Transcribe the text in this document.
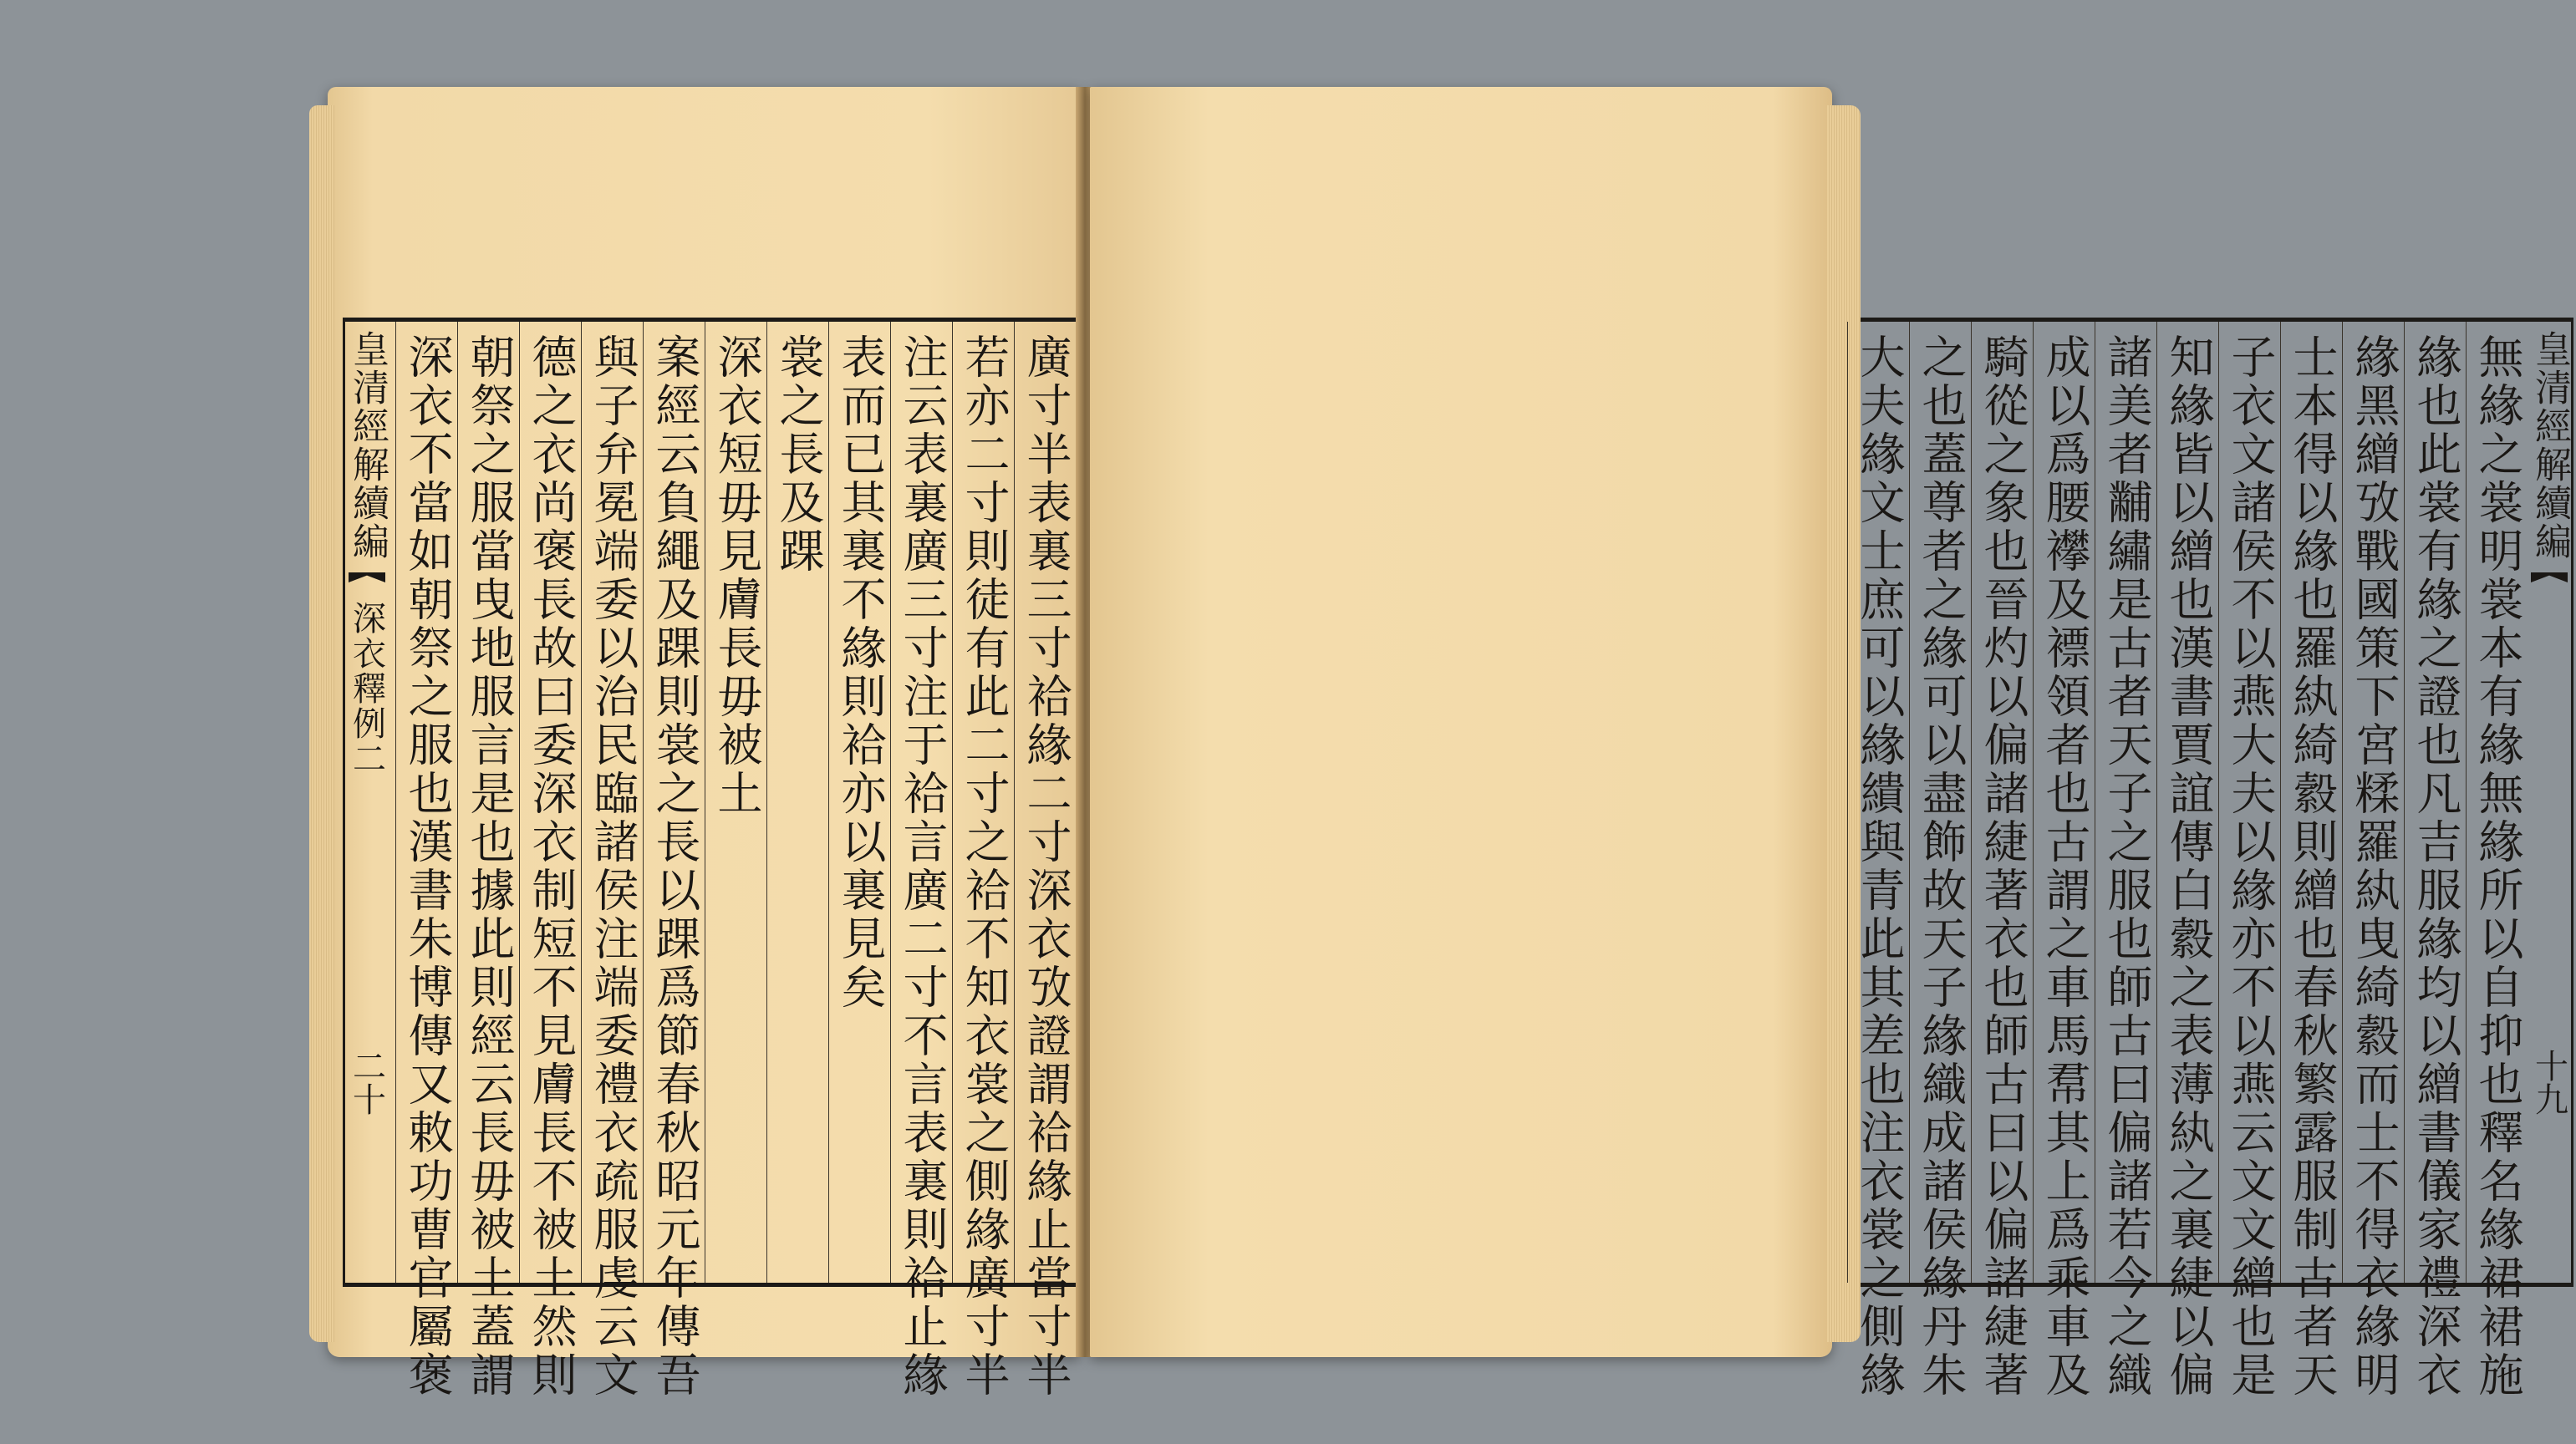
皇清經解續編
深衣釋例二
二十	廣寸半表裏三寸袷緣二寸深衣攷證謂袷緣止當寸半
若亦二寸則徒有此二寸之袷不知衣裳之側緣廣寸半
注云表裏廣三寸注于袷言廣二寸不言表裏則袷止緣
表而已其裏不緣則袷亦以裏見矣
裳之長及踝
深衣短毋見膚長毋被土
案經云負繩及踝則裳之長以踝爲節春秋昭元年傳吾
與子弁冕端委以治民臨諸侯注端委禮衣疏服虔云文
德之衣尚褒長故曰委深衣制短不見膚長不被土然則
朝祭之服當曳地服言是也據此則經云長毋被土蓋謂
深衣不當如朝祭之服也漢書朱博傳又敕功曹官屬褒	無緣之裳明裳本有緣無緣所以自抑也釋名緣裙裙施
緣也此裳有緣之證也凡吉服緣均以繒書儀家禮深衣
緣黑繒攷戰國策下宮糅羅紈曳綺縠而士不得衣緣明
士本得以緣也羅紈綺縠則繒也春秋繁露服制古者天
子衣文諸侯不以燕大夫以緣亦不以燕云文文繒也是
知緣皆以繒也漢書賈誼傳白縠之表薄紈之裏緁以偏
諸美者黼繡是古者天子之服也師古曰偏諸若今之織
成以爲腰襻及褾領者也古謂之車馬帬其上爲乘車及
騎從之象也晉灼以偏諸緁著衣也師古曰以偏諸緁著
之也蓋尊者之緣可以盡飾故天子緣織成諸侯緣丹朱
大夫緣文士庶可以緣繢與青此其差也注衣裳之側緣	皇清經解續編
十九
